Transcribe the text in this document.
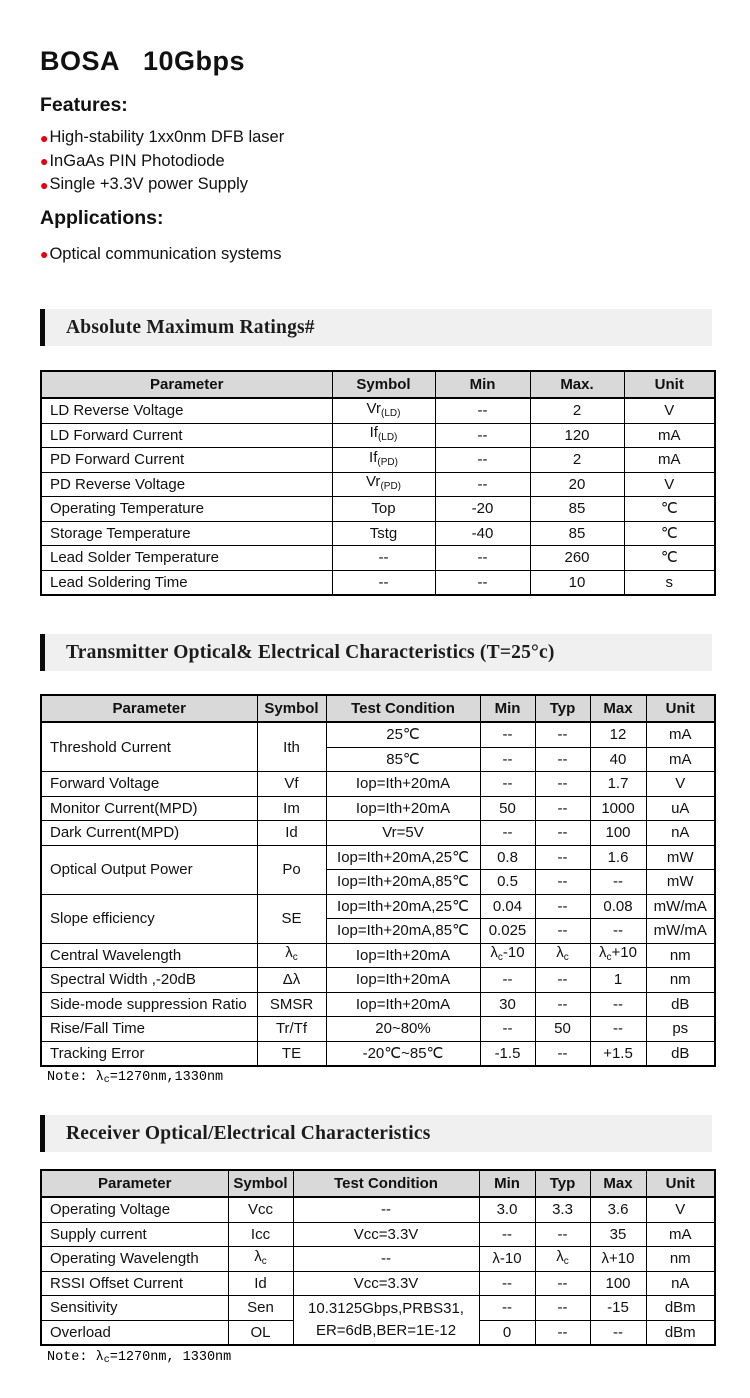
BOSA   10Gbps
Features:
● High-stability 1xx0nm DFB laser
● InGaAs PIN Photodiode
● Single +3.3V power Supply
Applications:
● Optical communication systems
Absolute Maximum Ratings#
Parameter	Symbol	Min	Max.	Unit
LD Reverse Voltage	$Vr_{(LD)}$	--	2	V
LD Forward Current	$If_{(LD)}$	--	120	mA
PD Forward Current	$If_{(PD)}$	--	2	mA
PD Reverse Voltage	$Vr_{(PD)}$	--	20	V
Operating Temperature	Top	-20	85	℃
Storage Temperature	Tstg	-40	85	℃
Lead Solder Temperature	--	--	260	℃
Lead Soldering Time	--	--	10	s
Transmitter Optical& Electrical Characteristics (T=25°c)
Parameter	Symbol	Test Condition	Min	Typ	Max	Unit
Threshold Current	Ith	25℃	--	--	12	mA
		85℃	--	--	40	mA
Forward Voltage	Vf	Iop=Ith+20mA	--	--	1.7	V
Monitor Current(MPD)	Im	Iop=Ith+20mA	50	--	1000	uA
Dark Current(MPD)	Id	Vr=5V	--	--	100	nA
Optical Output Power	Po	Iop=Ith+20mA,25℃	0.8	--	1.6	mW
		Iop=Ith+20mA,85℃	0.5	--	--	mW
Slope efficiency	SE	Iop=Ith+20mA,25℃	0.04	--	0.08	mW/mA
		Iop=Ith+20mA,85℃	0.025	--	--	mW/mA
Central Wavelength	$\lambda_c$	Iop=Ith+20mA	$\lambda_c-10$	$\lambda_c$	$\lambda_c+10$	nm
Spectral Width ,-20dB	Δλ	Iop=Ith+20mA	--	--	1	nm
Side-mode suppression Ratio	SMSR	Iop=Ith+20mA	30	--	--	dB
Rise/Fall Time	Tr/Tf	20~80%	--	50	--	ps
Tracking Error	TE	-20℃~85℃	-1.5	--	+1.5	dB
Note: $\lambda_c=1270nm,1330nm$
Receiver Optical/Electrical Characteristics
Parameter	Symbol	Test Condition	Min	Typ	Max	Unit
Operating Voltage	Vcc	--	3.0	3.3	3.6	V
Supply current	Icc	Vcc=3.3V	--	--	35	mA
Operating Wavelength	$\lambda_c$	--	λ-10	$\lambda_c$	λ+10	nm
RSSI Offset Current	Id	Vcc=3.3V	--	--	100	nA
Sensitivity	Sen	10.3125Gbps,PRBS31,
ER=6dB,BER=1E-12	--	--	-15	dBm
Overload	OL		0	--	--	dBm
Note: $\lambda_c=1270nm$, 1330nm
